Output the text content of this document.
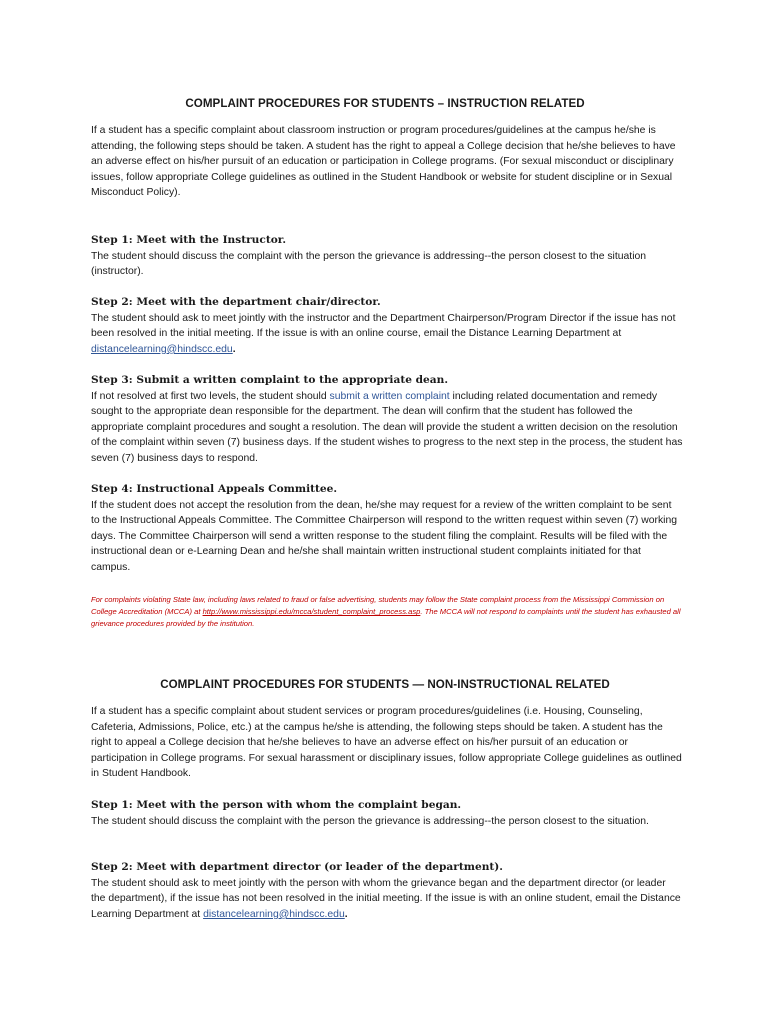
COMPLAINT PROCEDURES FOR STUDENTS – INSTRUCTION RELATED

If a student has a specific complaint about classroom instruction or program procedures/guidelines at the campus he/she is attending, the following steps should be taken. A student has the right to appeal a College decision that he/she believes to have an adverse effect on his/her pursuit of an education or participation in College programs. (For sexual misconduct or disciplinary issues, follow appropriate College guidelines as outlined in the Student Handbook or website for student discipline or in Sexual Misconduct Policy).

Step 1: Meet with the Instructor.

The student should discuss the complaint with the person the grievance is addressing--the person closest to the situation (instructor).

Step 2: Meet with the department chair/director.

The student should ask to meet jointly with the instructor and the Department Chairperson/Program Director if the issue has not been resolved in the initial meeting. If the issue is with an online course, email the Distance Learning Department at distancelearning@hindscc.edu.

Step 3: Submit a written complaint to the appropriate dean.

If not resolved at first two levels, the student should submit a written complaint including related documentation and remedy sought to the appropriate dean responsible for the department. The dean will confirm that the student has followed the appropriate complaint procedures and sought a resolution. The dean will provide the student a written decision on the resolution of the complaint within seven (7) business days. If the student wishes to progress to the next step in the process, the student has seven (7) business days to respond.

Step 4: Instructional Appeals Committee.

If the student does not accept the resolution from the dean, he/she may request for a review of the written complaint to be sent to the Instructional Appeals Committee. The Committee Chairperson will respond to the written request within seven (7) working days. The Committee Chairperson will send a written response to the student filing the complaint. Results will be filed with the instructional dean or e-Learning Dean and he/she shall maintain written instructional student complaints initiated for that campus.

For complaints violating State law, including laws related to fraud or false advertising, students may follow the State complaint process from the Mississippi Commission on College Accreditation (MCCA) at http://www.mississippi.edu/mcca/student_complaint_process.asp. The MCCA will not respond to complaints until the student has exhausted all grievance procedures provided by the institution.
COMPLAINT PROCEDURES FOR STUDENTS — NON-INSTRUCTIONAL RELATED

If a student has a specific complaint about student services or program procedures/guidelines (i.e. Housing, Counseling, Cafeteria, Admissions, Police, etc.) at the campus he/she is attending, the following steps should be taken. A student has the right to appeal a College decision that he/she believes to have an adverse effect on his/her pursuit of an education or participation in College programs. For sexual harassment or disciplinary issues, follow appropriate College guidelines as outlined in Student Handbook.

Step 1: Meet with the person with whom the complaint began.

The student should discuss the complaint with the person the grievance is addressing--the person closest to the situation.

Step 2: Meet with department director (or leader of the department).

The student should ask to meet jointly with the person with whom the grievance began and the department director (or leader the department), if the issue has not been resolved in the initial meeting. If the issue is with an online student, email the Distance Learning Department at distancelearning@hindscc.edu.
